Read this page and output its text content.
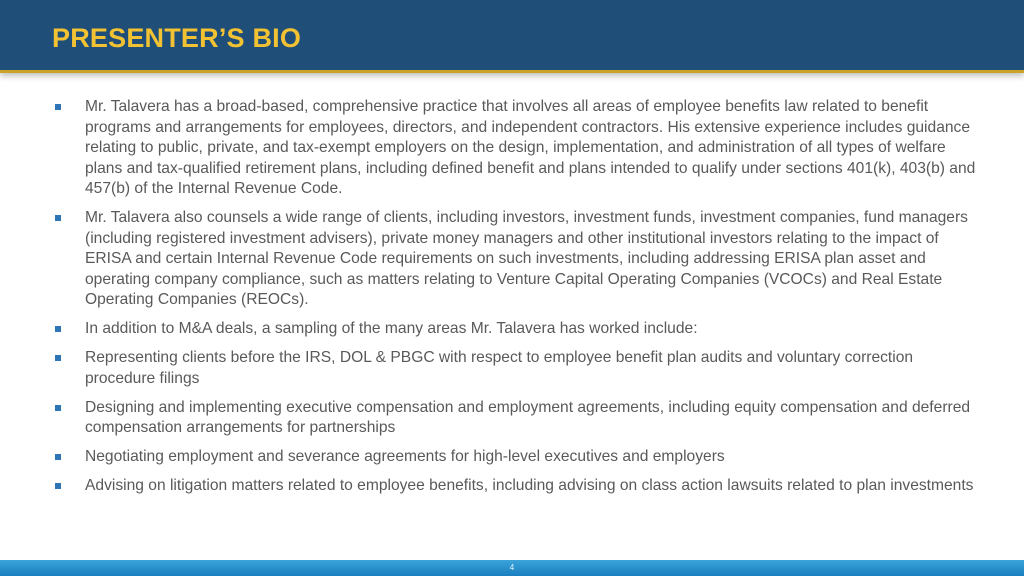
PRESENTER’S BIO
Mr. Talavera has a broad-based, comprehensive practice that involves all areas of employee benefits law related to benefit programs and arrangements for employees, directors, and independent contractors. His extensive experience includes guidance relating to public, private, and tax-exempt employers on the design, implementation, and administration of all types of welfare plans and tax-qualified retirement plans, including defined benefit and plans intended to qualify under sections 401(k), 403(b) and 457(b) of the Internal Revenue Code.
Mr. Talavera also counsels a wide range of clients, including investors, investment funds, investment companies, fund managers (including registered investment advisers), private money managers and other institutional investors relating to the impact of ERISA and certain Internal Revenue Code requirements on such investments, including addressing ERISA plan asset and operating company compliance, such as matters relating to Venture Capital Operating Companies (VCOCs) and Real Estate Operating Companies (REOCs).
In addition to M&A deals, a sampling of the many areas Mr. Talavera has worked include:
Representing clients before the IRS, DOL & PBGC with respect to employee benefit plan audits and voluntary correction procedure filings
Designing and implementing executive compensation and employment agreements, including equity compensation and deferred compensation arrangements for partnerships
Negotiating employment and severance agreements for high-level executives and employers
Advising on litigation matters related to employee benefits, including advising on class action lawsuits related to plan investments
4
